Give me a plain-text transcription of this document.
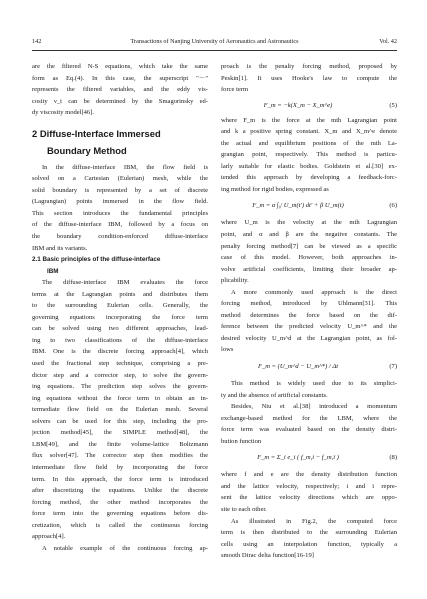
142	Transactions of Nanjing University of Aeronautics and Astronautics	Vol. 42
are the filtered N-S equations, which take the same
form as Eq.(4). In this case, the superscript "－"
represents the filtered variables, and the eddy vis-
cosity ν_t can be determined by the Smagorinsky ed-
dy viscosity model[46].
2 Diffuse-Interface Immersed
Boundary Method
In the diffuse-interface IBM, the flow field is
solved on a Cartesian (Eulerian) mesh, while the
solid boundary is represented by a set of discrete
(Lagrangian) points immersed in the flow field.
This section introduces the fundamental principles
of the diffuse-interface IBM, followed by a focus on
the boundary condition-enforced diffuse-interface
IBM and its variants.
2.1 Basic principles of the diffuse-interface
IBM
The diffuse-interface IBM evaluates the force
terms at the Lagrangian points and distributes them
to the surrounding Eulerian cells. Generally, the
governing equations incorporating the force term
can be solved using two different approaches, lead-
ing to two classifications of the diffuse-interface
IBM. One is the discrete forcing approach[4], which
used the fractional step technique, comprising a pre-
dictor step and a corrector step, to solve the govern-
ing equations. The prediction step solves the govern-
ing equations without the force term to obtain an in-
termediate flow field on the Eulerian mesh. Several
solvers can be used for this step, including the pro-
jection method[45], the SIMPLE method[48], the
LBM[49], and the finite volume-lattice Boltzmann
flux solver[47]. The corrector step then modifies the
intermediate flow field by incorporating the force
term. In this approach, the force term is introduced
after discretizing the equations. Unlike the discrete
forcing method, the other method incorporates the
force term into the governing equations before dis-
cretization, which is called the continuous forcing
approach[4].
A notable example of the continuous forcing ap-
proach is the penalty forcing method, proposed by
Peskin[1]. It uses Hooke's law to compute the
force term
F_m = −k(X_m − X_m^e)	(5)
where F_m is the force at the mth Lagrangian point
and k a positive spring constant. X_m and X_m^e denote
the actual and equilibrium positions of the mth La-
grangian point, respectively. This method is particu-
larly suitable for elastic bodies. Goldstein et al.[30] ex-
tended this approach by developing a feedback-forc-
ing method for rigid bodies, expressed as
F_m = α ∫₀ᵗ U_m(t′) dt′ + β U_m(t)	(6)
where U_m is the velocity at the mth Lagrangian
point, and α and β are the negative constants. The
penalty forcing method[7] can be viewed as a specific
case of this model. However, both approaches in-
volve artificial coefficients, limiting their broader ap-
plicability.
A more commonly used approach is the direct
forcing method, introduced by Uhlmann[31]. This
method determines the force based on the dif-
ference between the predicted velocity U_m^* and the
desired velocity U_m^d at the Lagrangian point, as fol-
lows
F_m = (U_m^d − U_m^*) / Δt	(7)
This method is widely used due to its simplici-
ty and the absence of artificial constants.
Besides, Niu et al.[38] introduced a momentum
exchange-based method for the LBM, where the
force term was evaluated based on the density distri-
bution function
F_m = Σ_i e_i ( f_m,i − f_m,ī )	(8)
where f and e are the density distribution function
and the lattice velocity, respectively; i and ī repre-
sent the lattice velocity directions which are oppo-
site to each other.
As illustrated in Fig.2, the computed force
term is then distributed to the surrounding Eulerian
cells using an interpolation function, typically a
smooth Dirac delta function[16-19]
